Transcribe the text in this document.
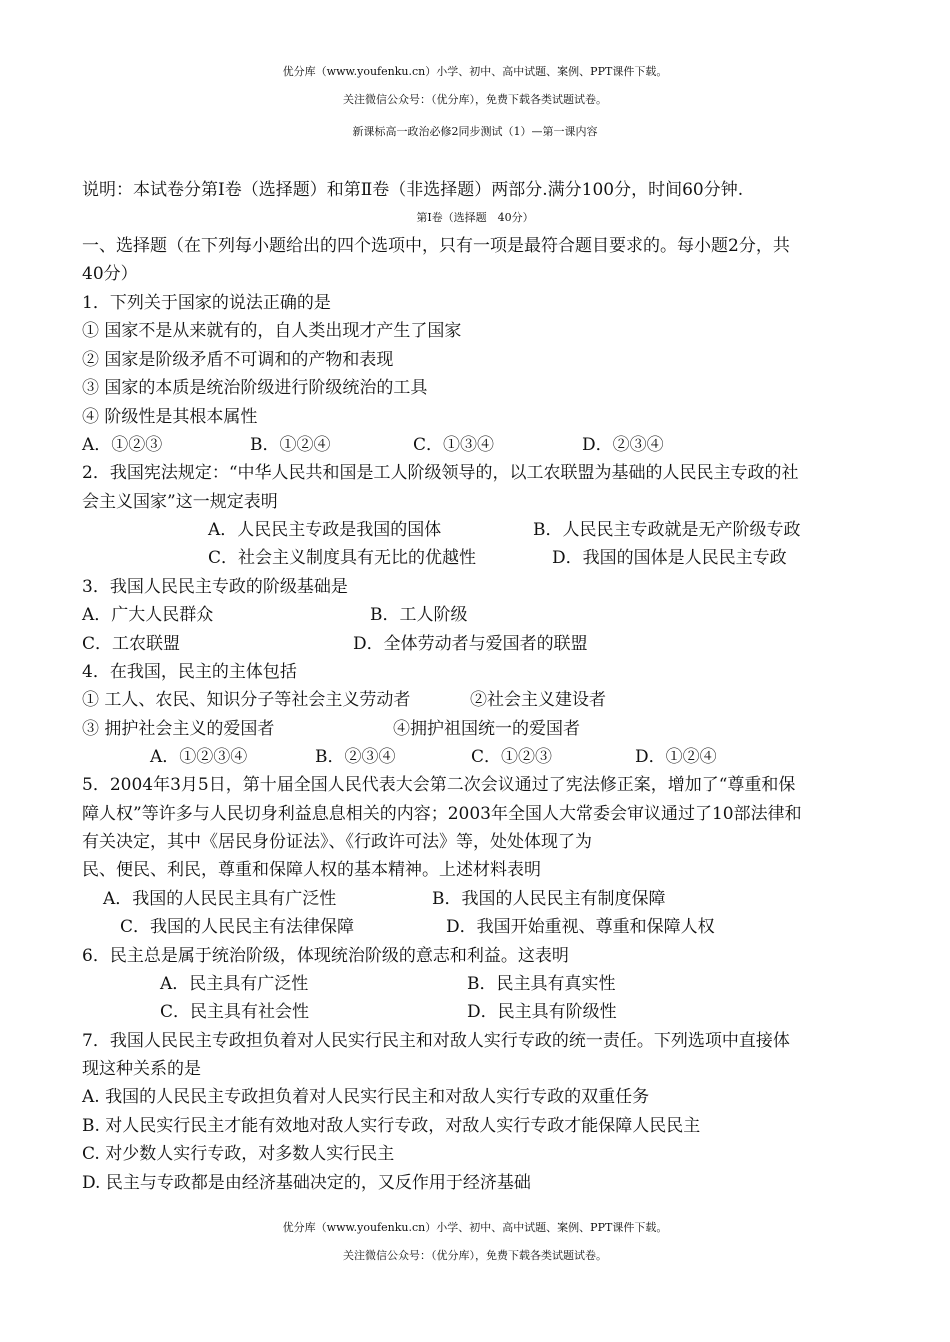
优分库（www.youfenku.cn）小学、初中、高中试题、案例、PPT课件下载。
关注微信公众号：（优分库），免费下载各类试题试卷。
新课标高一政治必修2同步测试（1）—第一课内容
说明：本试卷分第Ⅰ卷（选择题）和第Ⅱ卷（非选择题）两部分.满分100分，时间60分钟.
第Ⅰ卷（选择题　40分）
一、选择题（在下列每小题给出的四个选项中，只有一项是最符合题目要求的。每小题2分，共
40分）
1．下列关于国家的说法正确的是
① 国家不是从来就有的，自人类出现才产生了国家
② 国家是阶级矛盾不可调和的产物和表现
③ 国家的本质是统治阶级进行阶级统治的工具
④ 阶级性是其根本属性
A．①②③	B．①②④	C．①③④	D．②③④
2．我国宪法规定：“中华人民共和国是工人阶级领导的，以工农联盟为基础的人民民主专政的社
会主义国家”这一规定表明
A．人民民主专政是我国的国体	B．人民民主专政就是无产阶级专政
C．社会主义制度具有无比的优越性	D．我国的国体是人民民主专政
3．我国人民民主专政的阶级基础是
A．广大人民群众	B．工人阶级
C．工农联盟	D．全体劳动者与爱国者的联盟
4．在我国，民主的主体包括
① 工人、农民、知识分子等社会主义劳动者	②社会主义建设者
③ 拥护社会主义的爱国者	④拥护祖国统一的爱国者
A．①②③④	B．②③④	C．①②③	D．①②④
5．2004年3月5日，第十届全国人民代表大会第二次会议通过了宪法修正案，增加了“尊重和保
障人权”等许多与人民切身利益息息相关的内容；2003年全国人大常委会审议通过了10部法律和
有关决定，其中《居民身份证法》、《行政许可法》等，处处体现了为
民、便民、利民，尊重和保障人权的基本精神。上述材料表明
A．我国的人民民主具有广泛性	B．我国的人民民主有制度保障
C．我国的人民民主有法律保障	D．我国开始重视、尊重和保障人权
6．民主总是属于统治阶级，体现统治阶级的意志和利益。这表明
A．民主具有广泛性	B．民主具有真实性
C．民主具有社会性	D．民主具有阶级性
7．我国人民民主专政担负着对人民实行民主和对敌人实行专政的统一责任。下列选项中直接体
现这种关系的是
A. 我国的人民民主专政担负着对人民实行民主和对敌人实行专政的双重任务
B. 对人民实行民主才能有效地对敌人实行专政，对敌人实行专政才能保障人民民主
C. 对少数人实行专政，对多数人实行民主
D. 民主与专政都是由经济基础决定的，又反作用于经济基础
优分库（www.youfenku.cn）小学、初中、高中试题、案例、PPT课件下载。
关注微信公众号：（优分库），免费下载各类试题试卷。
